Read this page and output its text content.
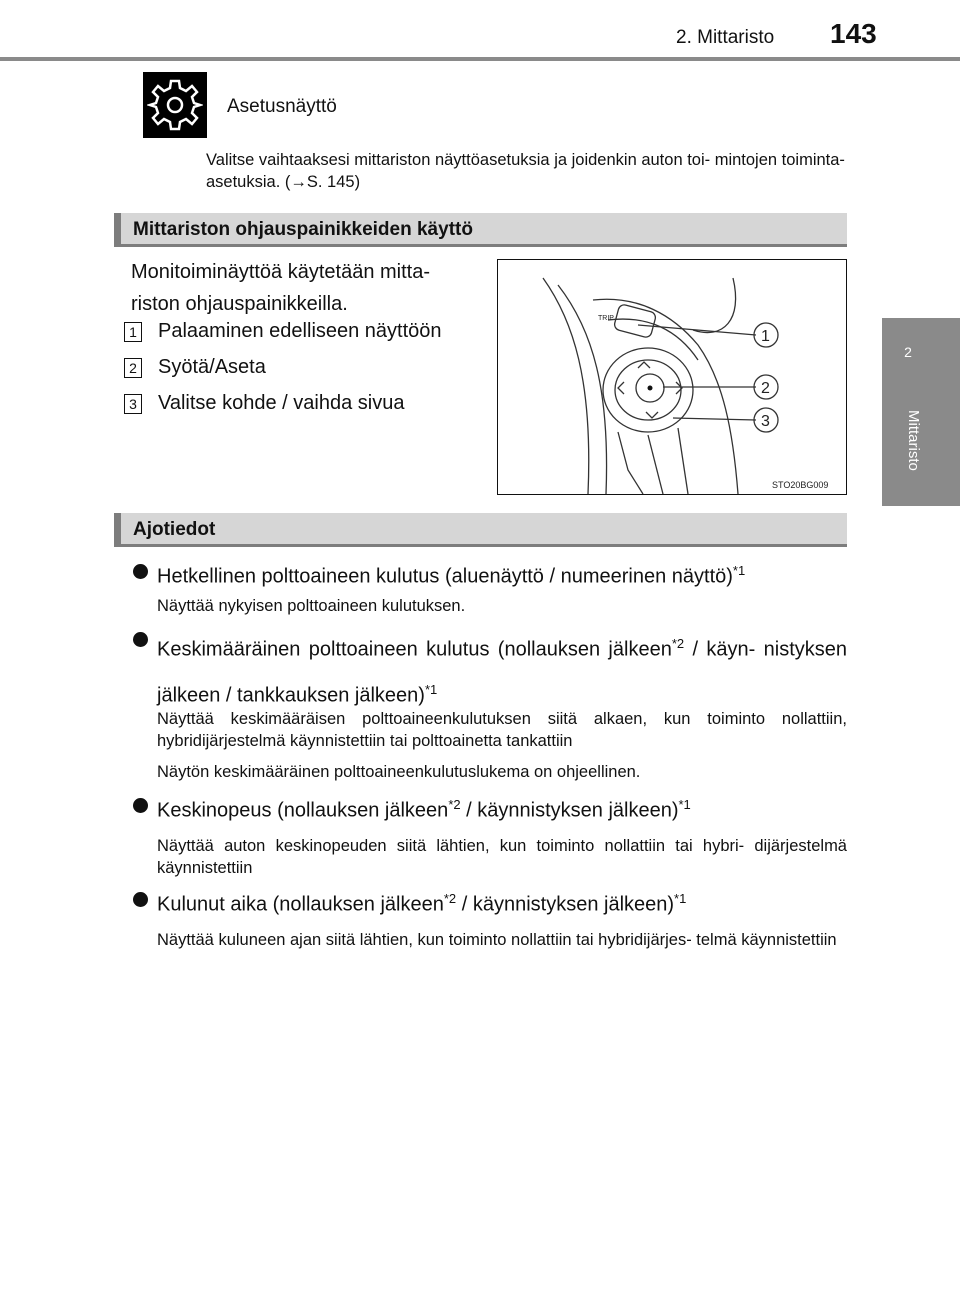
2. Mittaristo 143
2
Mittaristo
Asetusnäyttö
Valitse vaihtaaksesi mittariston näyttöasetuksia ja joidenkin auton toi- mintojen toiminta-asetuksia. (→S. 145)
Mittariston ohjauspainikkeiden käyttö
Monitoiminäyttöä käytetään mitta- riston ohjauspainikkeilla.
1 Palaaminen edelliseen näyttöön
2 Syötä/Aseta
3 Valitse kohde / vaihda sivua
TRIP
1
2
3
STO20BG009
Ajotiedot
Hetkellinen polttoaineen kulutus (aluenäyttö / numeerinen näyttö)$^{*1}$
Näyttää nykyisen polttoaineen kulutuksen.
Keskimääräinen polttoaineen kulutus (nollauksen jälkeen$^{*2}$ / käyn- nistyksen jälkeen / tankkauksen jälkeen)$^{*1}$
Näyttää keskimääräisen polttoaineenkulutuksen siitä alkaen, kun toiminto nollattiin, hybridijärjestelmä käynnistettiin tai polttoainetta tankattiin
Näytön keskimääräinen polttoaineenkulutuslukema on ohjeellinen.
Keskinopeus (nollauksen jälkeen$^{*2}$ / käynnistyksen jälkeen)$^{*1}$
Näyttää auton keskinopeuden siitä lähtien, kun toiminto nollattiin tai hybri- dijärjestelmä käynnistettiin
Kulunut aika (nollauksen jälkeen$^{*2}$ / käynnistyksen jälkeen)$^{*1}$
Näyttää kuluneen ajan siitä lähtien, kun toiminto nollattiin tai hybridijärjes- telmä käynnistettiin
